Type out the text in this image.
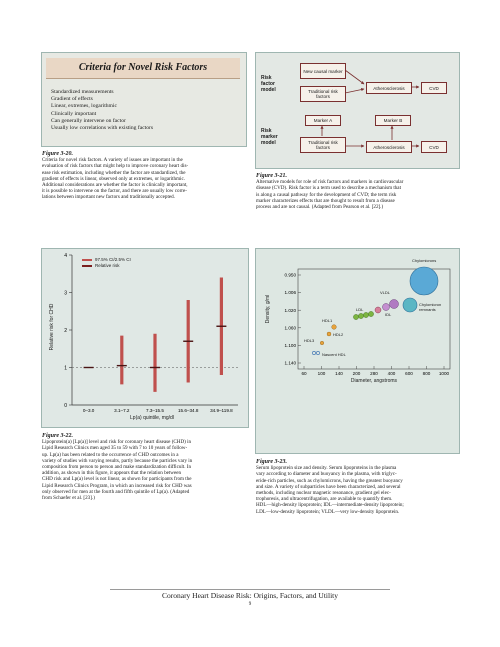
Criteria for Novel Risk Factors
Standardized measurements
Gradient of effects
Linear, extremes, logarithmic
Clinically important
Can generally intervene on factor
Usually low correlations with existing factors
Figure 3-20.

Criteria for novel risk factors. A variety of issues are important in the

evaluation of risk factors that might help to improve coronary heart dis-

ease risk estimation, including whether the factor are standardized, the

gradient of effects is linear, observed only at extremes, or logarithmic.

Additional considerations are whether the factor is clinically important,

it is possible to intervene on the factor, and there are usually low corre-

lations between important new factors and traditionally accepted.

Risk factor model
Risk marker model
New causal marker
Traditional risk factors
Atherosclerosis	CVD
Marker A	Marker B
Traditional risk factors	Atherosclerosis	CVD
Figure 3-21.

Alternative models for role of risk factors and markers in cardiovascular

disease (CVD). Risk factor is a term used to describe a mechanism that

is along a causal pathway for the development of CVD; the term risk

marker characterizes effects that are thought to result from a disease

process and are not causal. (Adapted from Pearson et al. [22].)

0
1
2
3
4
0–3.0	3.1–7.2	7.3–15.5	15.6–34.8	34.9–119.8
Relative risk for CHD
Lp(a) quintile, mg/dl
97.5% CI/2.5% CI
Relative risk
Figure 3-22.

Lipoprotein(a) [Lp(a)] level and risk for coronary heart disease (CHD) in

Lipid Research Clinics men aged 35 to 59 with 7 to 10 years of follow-

up. Lp(a) has been related to the occurrence of CHD outcomes in a

variety of studies with varying results, partly because the particles vary in

composition from person to person and make standardization difficult. In

addition, as shown in this figure, it appears that the relation between

CHD risk and Lp(a) level is not linear, as shown for participants from the

Lipid Research Clinics Program, in which an increased risk for CHD was

only observed for men at the fourth and fifth quintile of Lp(a). (Adapted

from Schaefer et al. [23].)

0.950
1.006
1.020
1.060
1.100
1.140
60 100 140 200 280 400 600 800 1000
Density, g/ml
Diameter, angstroms
Chylomicrons
VLDL
IDL
LDL
HDL1
HDL2
HDL3
Nascent HDL
Chylomicron remnants
Figure 3-23.

Serum lipoprotein size and density. Serum lipoproteins in the plasma

vary according to diameter and buoyancy in the plasma, with triglyc-

eride-rich particles, such as chylomicrons, having the greatest buoyancy

and size. A variety of subparticles have been characterized, and several

methods, including nuclear magnetic resonance, gradient gel elec-

trophoresis, and ultracentrifugation, are available to quantify them.

HDL—high-density lipoprotein; IDL—intermediate-density lipoprotein;

LDL—low-density lipoprotein; VLDL—very low-density lipoprotein.

Coronary Heart Disease Risk: Origins, Factors, and Utility
9
